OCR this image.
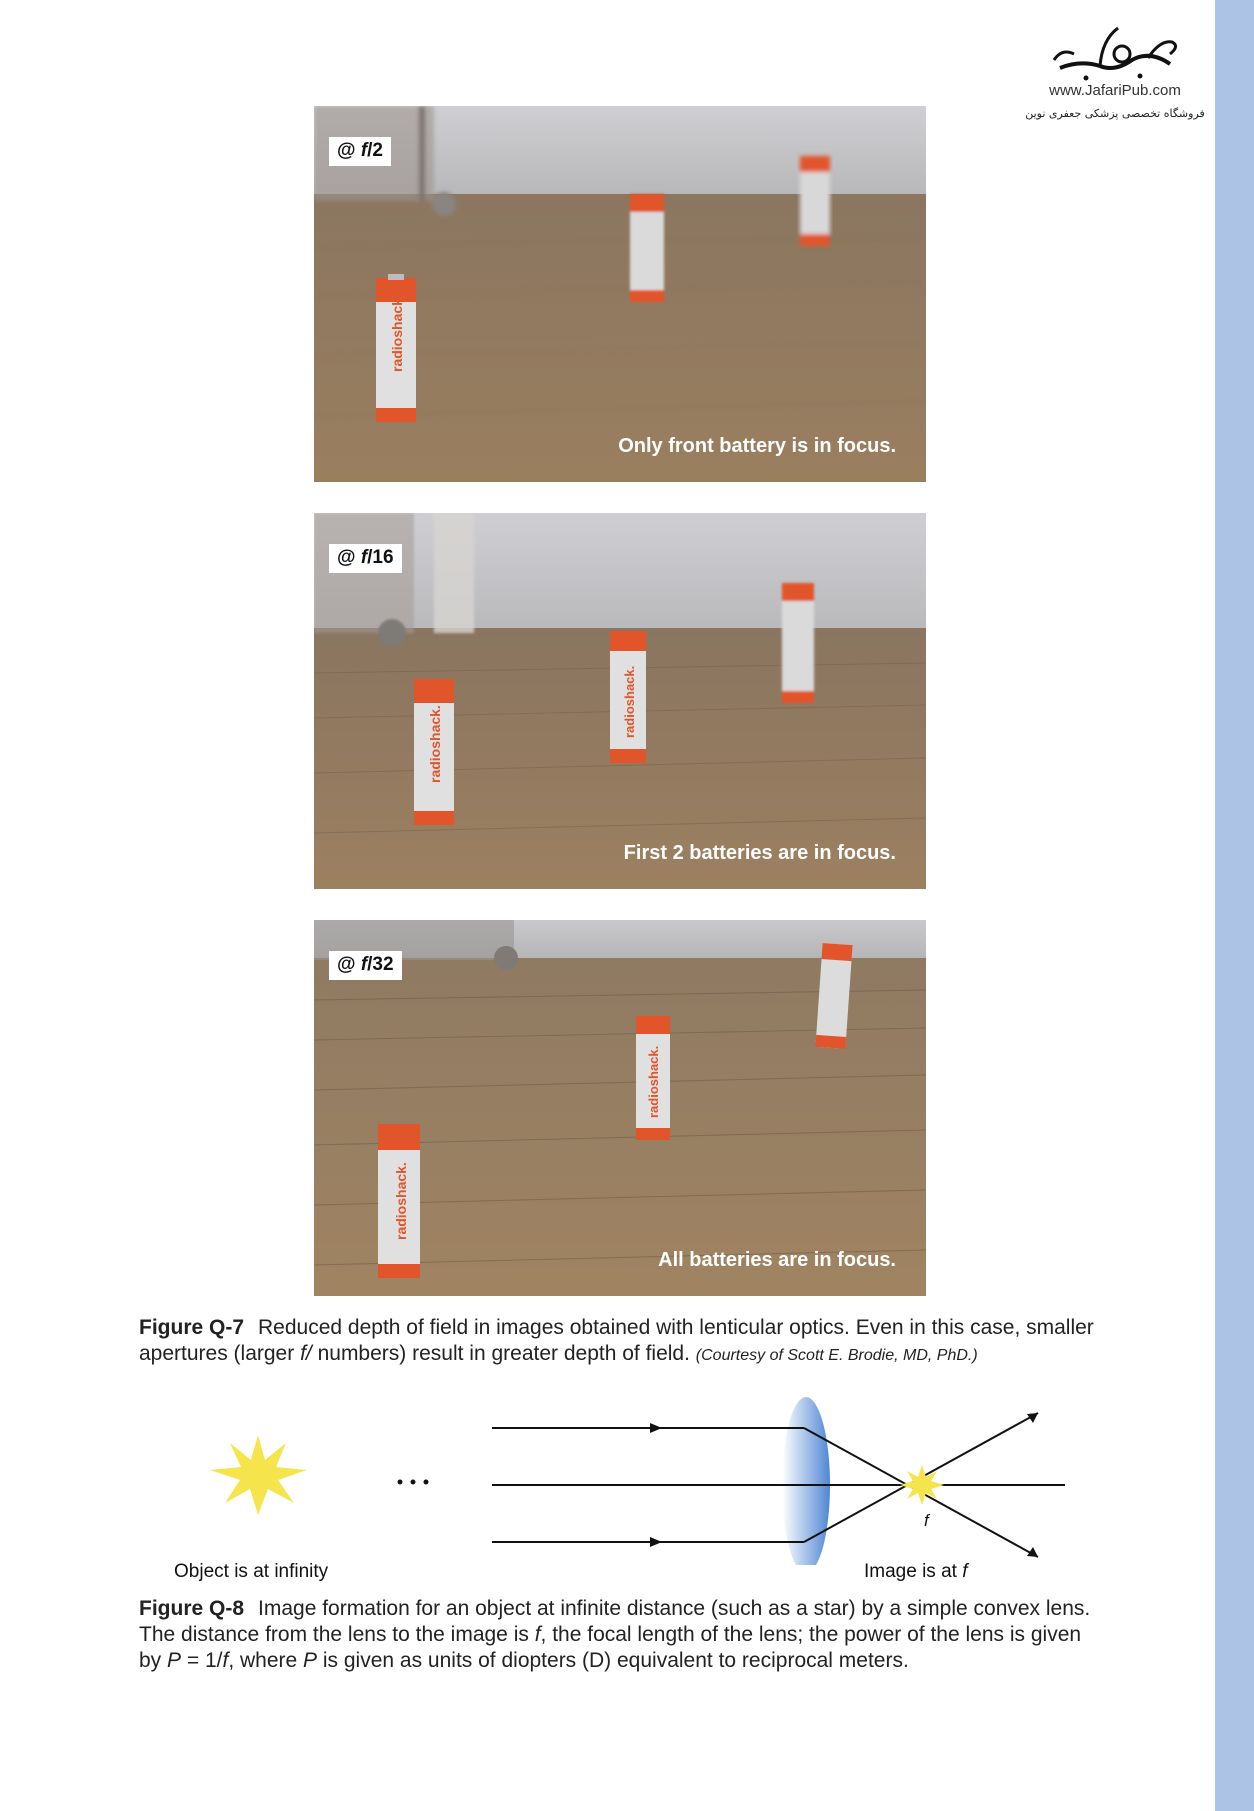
www.JafariPub.com
فروشگاه تخصصی پزشکی جعفری نوین
radioshack.
@ f/2
Only front battery is in focus.
radioshack.
radioshack.
@ f/16
First 2 batteries are in focus.
radioshack.
radioshack.
@ f/32
All batteries are in focus.
Figure Q-7 Reduced depth of field in images obtained with lenticular optics. Even in this case, smaller apertures (larger f/ numbers) result in greater depth of field. (Courtesy of Scott E. Brodie, MD, PhD.)
f
Object is at infinity	Image is at f
Figure Q-8 Image formation for an object at infinite distance (such as a star) by a simple convex lens. The distance from the lens to the image is f, the focal length of the lens; the power of the lens is given by P = 1/f, where P is given as units of diopters (D) equivalent to reciprocal meters.
